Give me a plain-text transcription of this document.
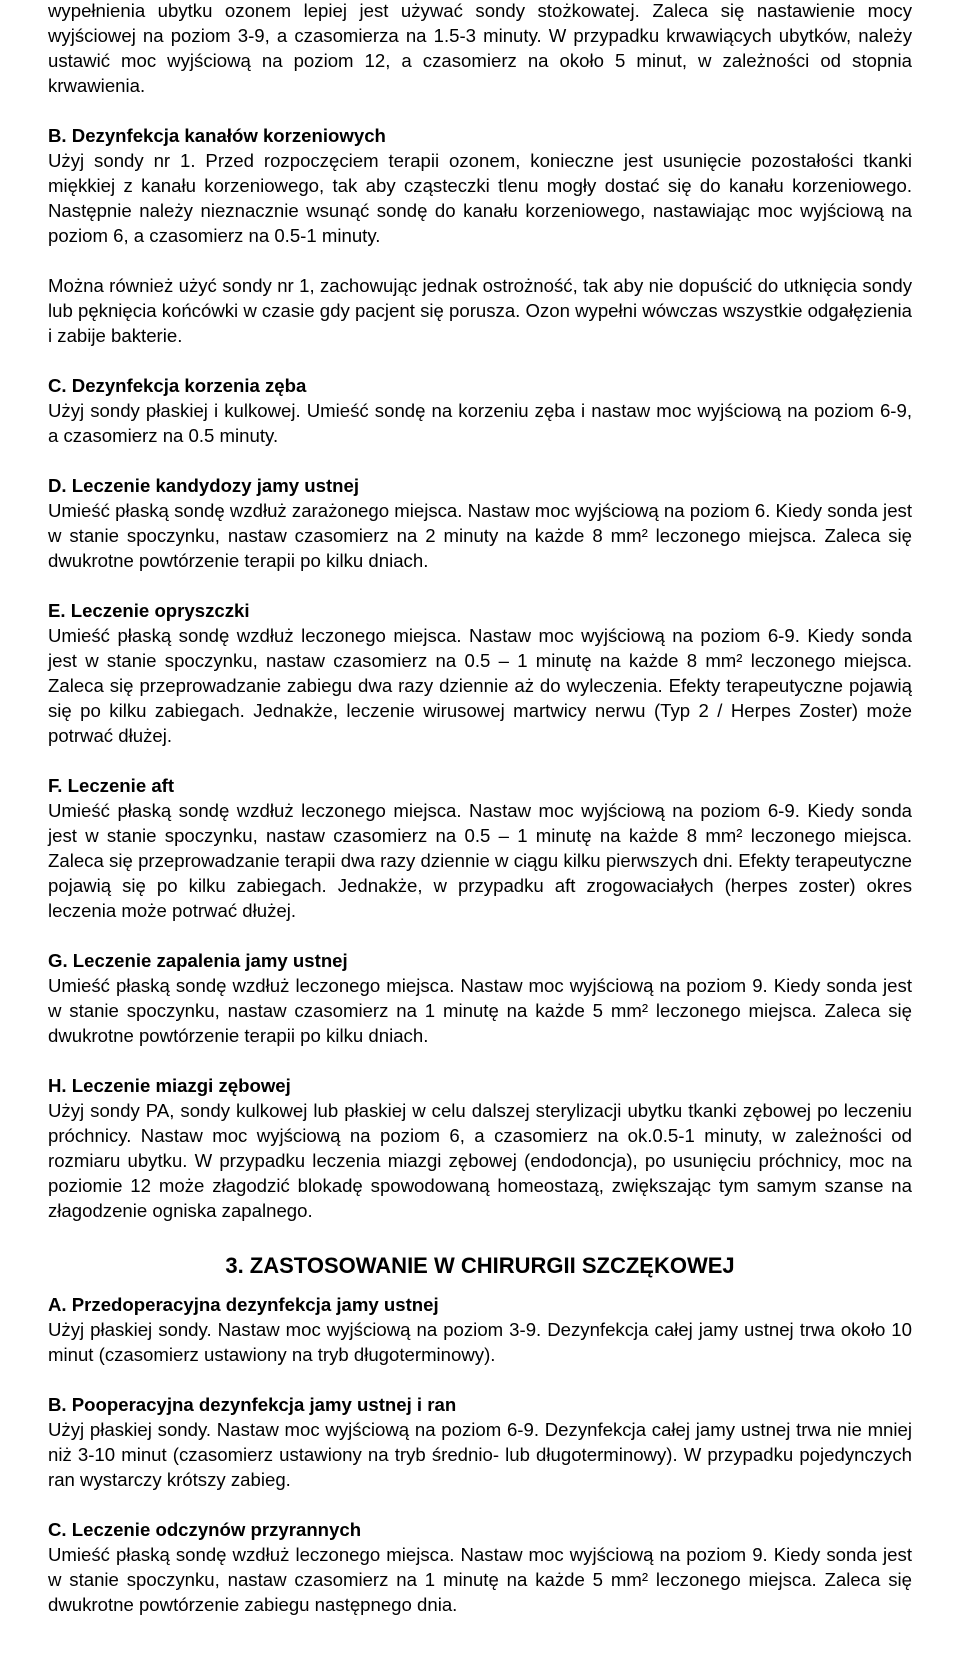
wypełnienia ubytku ozonem lepiej jest używać sondy stożkowatej. Zaleca się nastawienie mocy wyjściowej na poziom 3-9, a czasomierza na 1.5-3 minuty. W przypadku krwawiących ubytków, należy ustawić moc wyjściową na poziom 12, a czasomierz na około 5 minut, w zależności od stopnia krwawienia.

B. Dezynfekcja kanałów korzeniowych

Użyj sondy nr 1. Przed rozpoczęciem terapii ozonem, konieczne jest usunięcie pozostałości tkanki miękkiej z kanału korzeniowego, tak aby cząsteczki tlenu mogły dostać się do kanału korzeniowego. Następnie należy nieznacznie wsunąć sondę do kanału korzeniowego, nastawiając moc wyjściową na poziom 6, a czasomierz na 0.5-1 minuty.

Można również użyć sondy nr 1, zachowując jednak ostrożność, tak aby nie dopuścić do utknięcia sondy lub pęknięcia końcówki w czasie gdy pacjent się porusza. Ozon wypełni wówczas wszystkie odgałęzienia i zabije bakterie.

C. Dezynfekcja korzenia zęba

Użyj sondy płaskiej i kulkowej. Umieść sondę na korzeniu zęba i nastaw moc wyjściową na poziom 6-9, a czasomierz na 0.5 minuty.

D. Leczenie kandydozy jamy ustnej

Umieść płaską sondę wzdłuż zarażonego miejsca. Nastaw moc wyjściową na poziom 6. Kiedy sonda jest w stanie spoczynku, nastaw czasomierz na 2 minuty na każde 8 mm² leczonego miejsca. Zaleca się dwukrotne powtórzenie terapii po kilku dniach.

E. Leczenie opryszczki

Umieść płaską sondę wzdłuż leczonego miejsca. Nastaw moc wyjściową na poziom 6-9. Kiedy sonda jest w stanie spoczynku, nastaw czasomierz na 0.5 – 1 minutę na każde 8 mm² leczonego miejsca. Zaleca się przeprowadzanie zabiegu dwa razy dziennie aż do wyleczenia. Efekty terapeutyczne pojawią się po kilku zabiegach. Jednakże, leczenie wirusowej martwicy nerwu (Typ 2 / Herpes Zoster) może potrwać dłużej.

F. Leczenie aft

Umieść płaską sondę wzdłuż leczonego miejsca. Nastaw moc wyjściową na poziom 6-9. Kiedy sonda jest w stanie spoczynku, nastaw czasomierz na 0.5 – 1 minutę na każde 8 mm² leczonego miejsca. Zaleca się przeprowadzanie terapii dwa razy dziennie w ciągu kilku pierwszych dni. Efekty terapeutyczne pojawią się po kilku zabiegach. Jednakże, w przypadku aft zrogowaciałych (herpes zoster) okres leczenia może potrwać dłużej.

G. Leczenie zapalenia jamy ustnej

Umieść płaską sondę wzdłuż leczonego miejsca. Nastaw moc wyjściową na poziom 9. Kiedy sonda jest w stanie spoczynku, nastaw czasomierz na 1 minutę na każde 5 mm² leczonego miejsca. Zaleca się dwukrotne powtórzenie terapii po kilku dniach.

H. Leczenie miazgi zębowej

Użyj sondy PA, sondy kulkowej lub płaskiej w celu dalszej sterylizacji ubytku tkanki zębowej po leczeniu próchnicy. Nastaw moc wyjściową na poziom 6, a czasomierz na ok.0.5-1 minuty, w zależności od rozmiaru ubytku. W przypadku leczenia miazgi zębowej (endodoncja), po usunięciu próchnicy, moc na poziomie 12 może złagodzić blokadę spowodowaną homeostazą, zwiększając tym samym szanse na złagodzenie ogniska zapalnego.

3. ZASTOSOWANIE W CHIRURGII SZCZĘKOWEJ

A. Przedoperacyjna dezynfekcja jamy ustnej

Użyj płaskiej sondy. Nastaw moc wyjściową na poziom 3-9. Dezynfekcja całej jamy ustnej trwa około 10 minut (czasomierz ustawiony na tryb długoterminowy).

B. Pooperacyjna dezynfekcja jamy ustnej i ran

Użyj płaskiej sondy. Nastaw moc wyjściową na poziom 6-9. Dezynfekcja całej jamy ustnej trwa nie mniej niż 3-10 minut (czasomierz ustawiony na tryb średnio- lub długoterminowy). W przypadku pojedynczych ran wystarczy krótszy zabieg.

C. Leczenie odczynów przyrannych

Umieść płaską sondę wzdłuż leczonego miejsca. Nastaw moc wyjściową na poziom 9. Kiedy sonda jest w stanie spoczynku, nastaw czasomierz na 1 minutę na każde 5 mm² leczonego miejsca. Zaleca się dwukrotne powtórzenie zabiegu następnego dnia.
